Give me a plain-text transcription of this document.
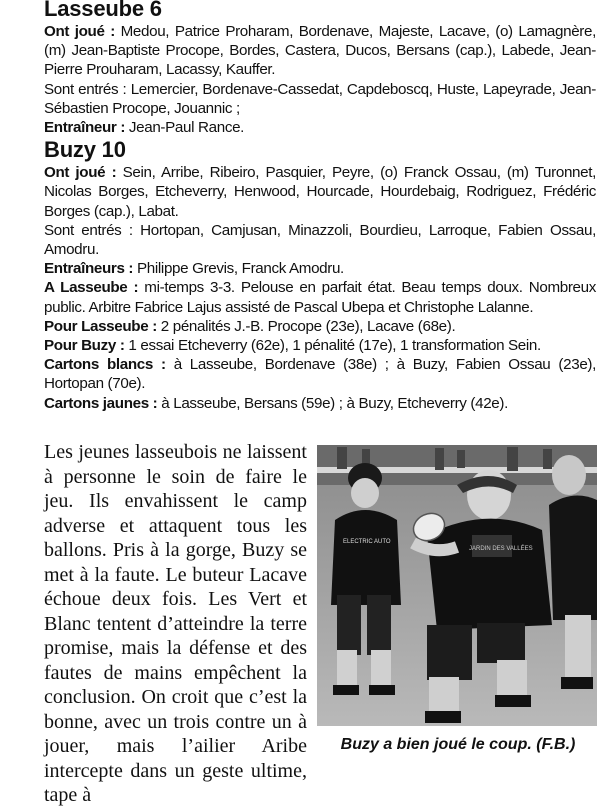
Lasseube 6
Ont joué : Medou, Patrice Proharam, Bordenave, Majeste, Lacave, (o) Lamagnère, (m) Jean-Baptiste Procope, Bordes, Castera, Ducos, Bersans (cap.), Labede, Jean-Pierre Prouharam, Lacassy, Kauffer.
Sont entrés : Lemercier, Bordenave-Cassedat, Capdeboscq, Huste, Lapeyrade, Jean-Sébastien Procope, Jouannic ;
Entraîneur : Jean-Paul Rance.
Buzy 10
Ont joué : Sein, Arribe, Ribeiro, Pasquier, Peyre, (o) Franck Ossau, (m) Turonnet, Nicolas Borges, Etcheverry, Henwood, Hourcade, Hourdebaig, Rodriguez, Frédéric Borges (cap.), Labat.
Sont entrés : Hortopan, Camjusan, Minazzoli, Bourdieu, Larroque, Fabien Ossau, Amodru.
Entraîneurs : Philippe Grevis, Franck Amodru.
A Lasseube : mi-temps 3-3. Pelouse en parfait état. Beau temps doux. Nombreux public. Arbitre Fabrice Lajus assisté de Pascal Ubepa et Christophe Lalanne.
Pour Lasseube : 2 pénalités J.-B. Procope (23e), Lacave (68e).
Pour Buzy : 1 essai Etcheverry (62e), 1 pénalité (17e), 1 transformation Sein.
Cartons blancs : à Lasseube, Bordenave (38e) ; à Buzy, Fabien Ossau (23e), Hortopan (70e).
Cartons jaunes : à Lasseube, Bersans (59e) ; à Buzy, Etcheverry (42e).
Les jeunes lasseubois ne laissent à personne le soin de faire le jeu. Ils envahissent le camp adverse et attaquent tous les ballons. Pris à la gorge, Buzy se met à la faute. Le buteur Lacave échoue deux fois. Les Vert et Blanc tentent d’atteindre la terre promise, mais la défense et des fautes de mains empêchent la conclusion. On croit que c’est la bonne, avec un trois contre un à jouer, mais l’ailier Aribe intercepte dans un geste ultime, tape à
ELECTRIC AUTO
JARDIN DES VALLÉES
Buzy a bien joué le coup. (F.B.)
